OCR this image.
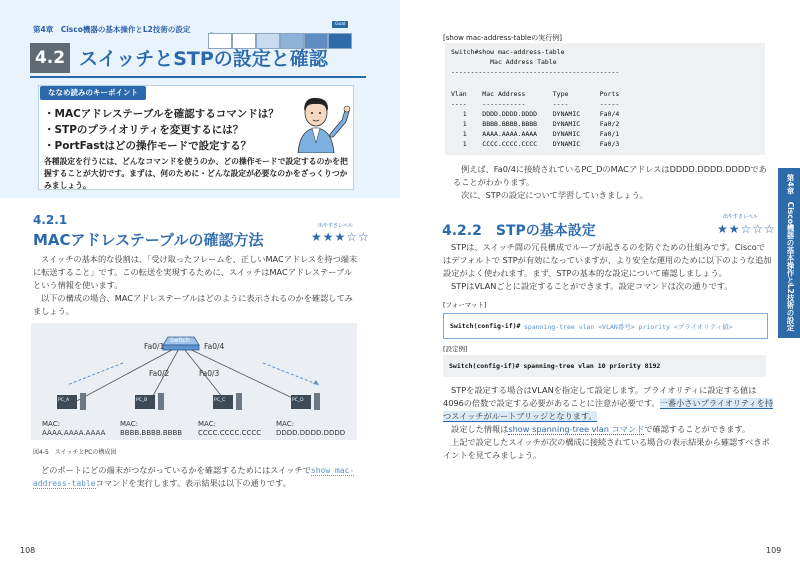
第4章　Cisco機器の基本操作とL2技術の設定
Goal
4.2 スイッチとSTPの設定と確認
ななめ読みのキーポイント
・MACアドレステーブルを確認するコマンドは？
・STPのプライオリティを変更するには？
・PortFastはどの操作モードで設定する？
各種設定を行うには、どんなコマンドを使うのか、どの操作モードで設定するのかを把握することが大切です。まずは、何のために・どんな設定が必要なのかをざっくりつかみましょう。
4.2.1
MACアドレステーブルの確認方法
出やすさレベル
★★★☆☆
スイッチの基本的な役割は、「受け取ったフレームを、正しいMACアドレスを持つ端末に転送すること」です。この転送を実現するために、スイッチはMACアドレステーブルという情報を使います。
以下の構成の場合、MACアドレステーブルはどのように表示されるのかを確認してみましょう。
Switch
Fa0/1	Fa0/4
Fa0/2	Fa0/3
PC_A	PC_B	PC_C	PC_D
MAC:
AAAA.AAAA.AAAA
MAC:
BBBB.BBBB.BBBB
MAC:
CCCC.CCCC.CCCC
MAC:
DDDD.DDDD.DDDD
図4-5　スイッチとPCの構成図
どのポートにどの端末がつながっているかを確認するためにはスイッチでshow mac-address-tableコマンドを実行します。表示結果は以下の通りです。
108
[show mac-address-tableの実行例]
Switch#show mac-address-table
Mac Address Table
-------------------------------------------
Vlan    Mac Address       Type        Ports
----    -----------       ----        -----
1    DDDD.DDDD.DDDD    DYNAMIC     Fa0/4
1    BBBB.BBBB.BBBB    DYNAMIC     Fa0/2
1    AAAA.AAAA.AAAA    DYNAMIC     Fa0/1
1    CCCC.CCCC.CCCC    DYNAMIC     Fa0/3
例えば、Fa0/4に接続されているPC_DのMACアドレスはDDDD.DDDD.DDDDであることがわかります。
次に、STPの設定について学習していきましょう。
4.2.2　STPの基本設定
出やすさレベル
★★☆☆☆
STPは、スイッチ間の冗長構成でループが起きるのを防ぐための仕組みです。Ciscoではデフォルトで STPが有効になっていますが、より安全な運用のために以下のような追加設定がよく使われます。まず、STPの基本的な設定について確認しましょう。
STPはVLANごとに設定することができます。設定コマンドは次の通りです。
[フォーマット]
Switch(config-if)# spanning-tree vlan <VLAN番号> priority <プライオリティ値>
[設定例]
Switch(config-if)# spanning-tree vlan 10 priority 8192
STPを設定する場合はVLANを指定して設定します。プライオリティに設定する値は4096の倍数で設定する必要があることに注意が必要です。一番小さいプライオリティを持つスイッチがルートブリッジとなります。
設定した情報はshow spanning-tree vlan コマンドで確認することができます。
上記で設定したスイッチが次の構成に接続されている場合の表示結果から確認すべきポイントを見てみましょう。
第4章　Cisco機器の基本操作とL2技術の設定
109
